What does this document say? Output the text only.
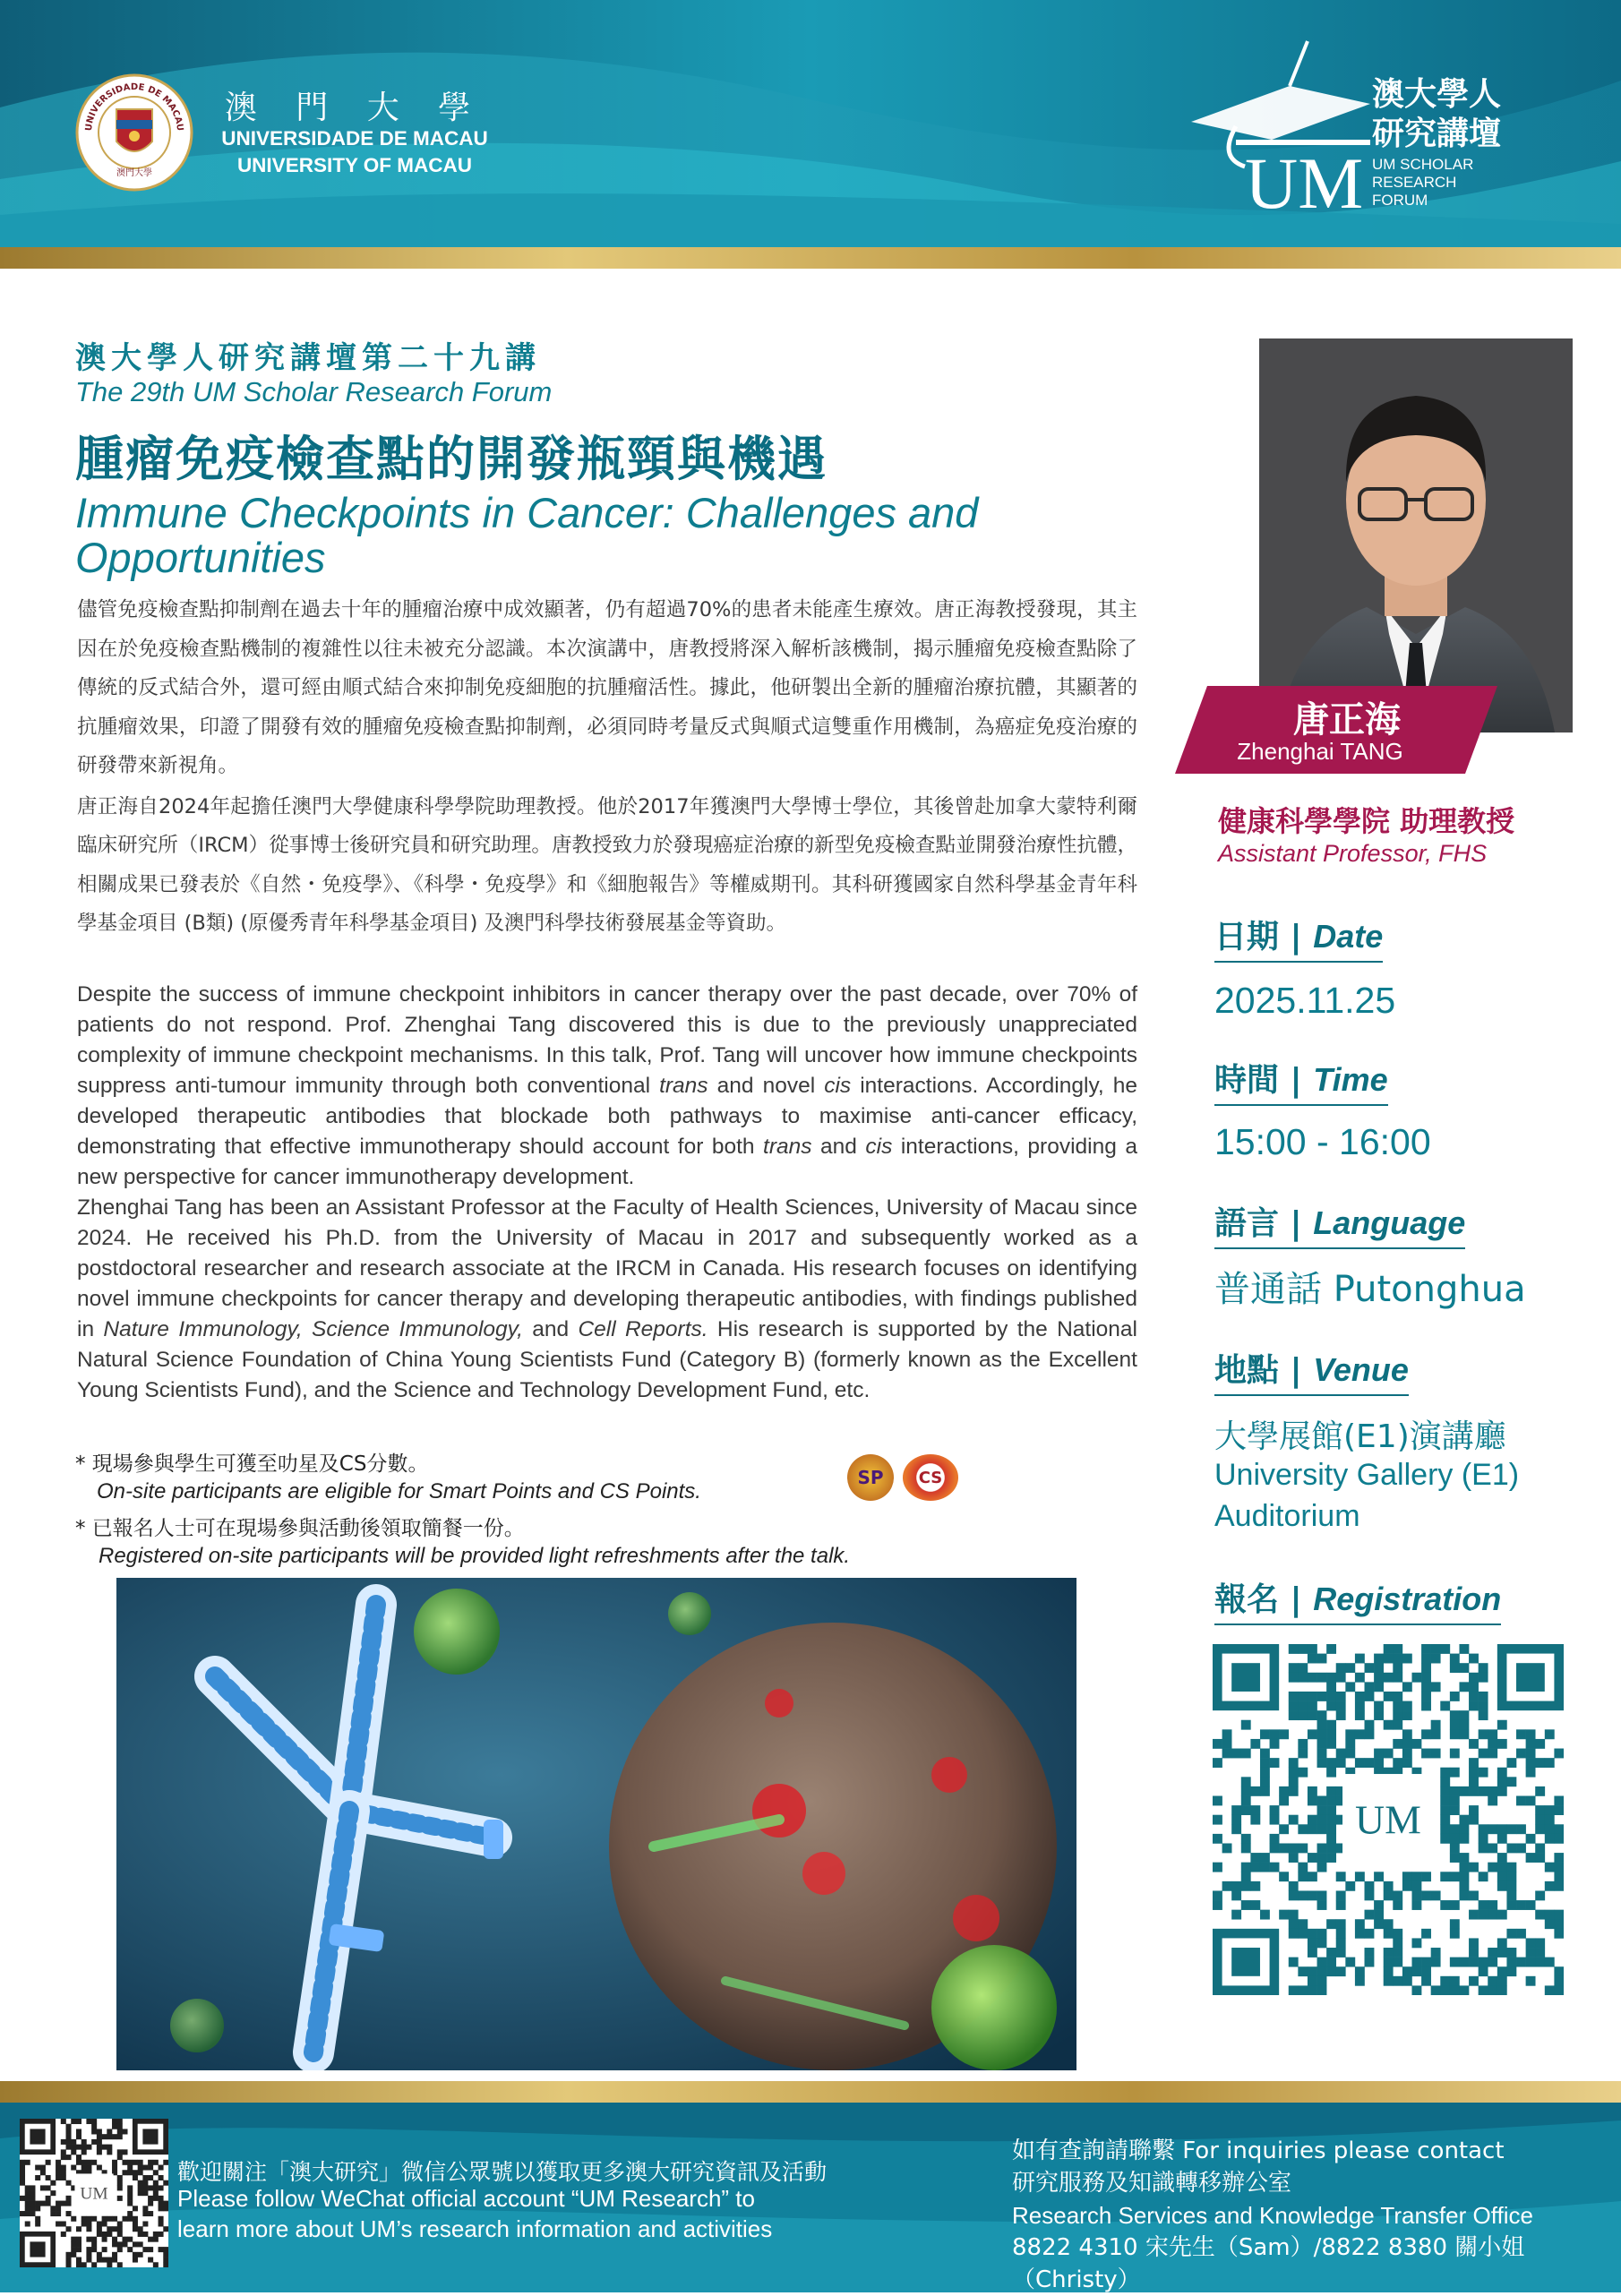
UNIVERSIDADE DE MACAU
澳門大學
澳 門 大 學
UNIVERSIDADE DE MACAU
UNIVERSITY OF MACAU	UM
澳大學人
研究講壇
UM SCHOLAR
RESEARCH
FORUM
澳大學人研究講壇第二十九講
The 29th UM Scholar Research Forum
腫瘤免疫檢查點的開發瓶頸與機遇
Immune Checkpoints in Cancer: Challenges and
Opportunities

儘管免疫檢查點抑制劑在過去十年的腫瘤治療中成效顯著，仍有超過70%的患者未能產生療效。唐正海教授發現，其主因在於免疫檢查點機制的複雜性以往未被充分認識。本次演講中，唐教授將深入解析該機制，揭示腫瘤免疫檢查點除了傳統的反式結合外，還可經由順式結合來抑制免疫細胞的抗腫瘤活性。據此，他研製出全新的腫瘤治療抗體，其顯著的抗腫瘤效果，印證了開發有效的腫瘤免疫檢查點抑制劑，必須同時考量反式與順式這雙重作用機制，為癌症免疫治療的研發帶來新視角。

唐正海自2024年起擔任澳門大學健康科學學院助理教授。他於2017年獲澳門大學博士學位，其後曾赴加拿大蒙特利爾臨床研究所（IRCM）從事博士後研究員和研究助理。唐教授致力於發現癌症治療的新型免疫檢查點並開發治療性抗體，相關成果已發表於《自然・免疫學》、《科學・免疫學》和《細胞報告》等權威期刊。其科研獲國家自然科學基金青年科學基金項目 (B類) (原優秀青年科學基金項目) 及澳門科學技術發展基金等資助。

Despite the success of immune checkpoint inhibitors in cancer therapy over the past decade, over 70% of patients do not respond. Prof. Zhenghai Tang discovered this is due to the previously unappreciated complexity of immune checkpoint mechanisms. In this talk, Prof. Tang will uncover how immune checkpoints suppress anti-tumour immunity through both conventional trans and novel cis interactions. Accordingly, he developed therapeutic antibodies that blockade both pathways to maximise anti-cancer efficacy, demonstrating that effective immunotherapy should account for both trans and cis interactions, providing a new perspective for cancer immunotherapy development.

Zhenghai Tang has been an Assistant Professor at the Faculty of Health Sciences, University of Macau since 2024. He received his Ph.D. from the University of Macau in 2017 and subsequently worked as a postdoctoral researcher and research associate at the IRCM in Canada. His research focuses on identifying novel immune checkpoints for cancer therapy and developing therapeutic antibodies, with findings published in Nature Immunology, Science Immunology, and Cell Reports. His research is supported by the National Natural Science Foundation of China Young Scientists Fund (Category B) (formerly known as the Excellent Young Scientists Fund), and the Science and Technology Development Fund, etc.

* 現場參與學生可獲至叻星及CS分數。
On-site participants are eligible for Smart Points and CS Points.
SP CS
* 已報名人士可在現場參與活動後領取簡餐一份。
Registered on-site participants will be provided light refreshments after the talk.
唐正海
Zhenghai TANG
健康科學學院 助理教授
Assistant Professor, FHS
日期 | Date
2025.11.25
時間 | Time
15:00 - 16:00
語言 | Language
普通話 Putonghua
地點 | Venue
大學展館(E1)演講廳
University Gallery (E1)
Auditorium
報名 | Registration
UM
UM
歡迎關注「澳大研究」微信公眾號以獲取更多澳大研究資訊及活動
Please follow WeChat official account “UM Research” to
learn more about UM’s research information and activities
如有查詢請聯繫 For inquiries please contact
研究服務及知識轉移辦公室
Research Services and Knowledge Transfer Office
8822 4310 宋先生（Sam）/8822 8380 關小姐（Christy）
